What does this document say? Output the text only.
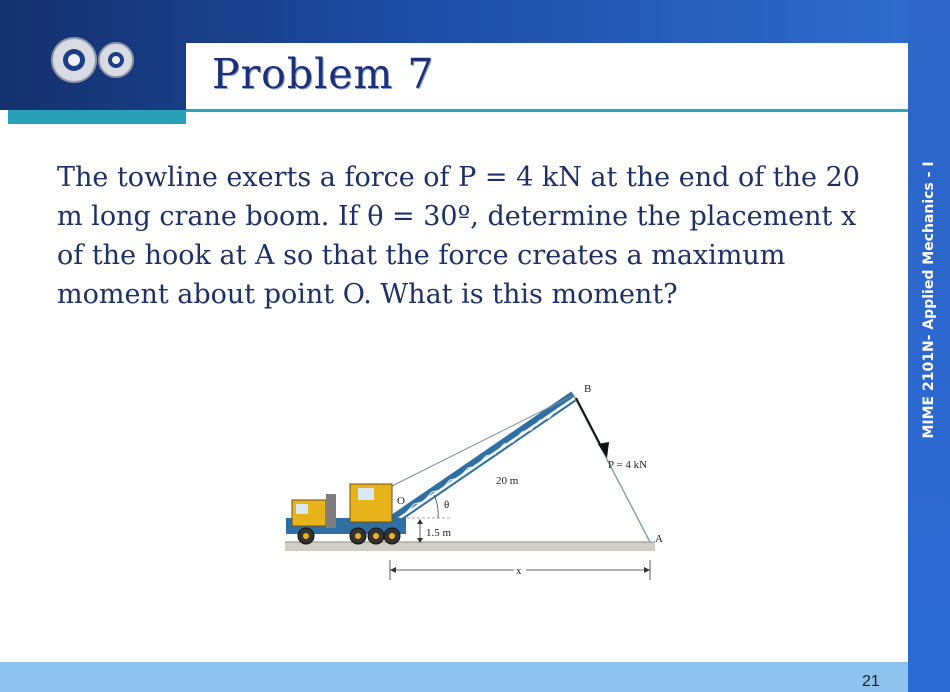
Problem 7
MIME 2101N- Applied Mechanics - I

The towline exerts a force of P = 4 kN at the end of the 20
m long crane boom. If θ = 30º, determine the placement x
of the hook at A so that the force creates a maximum
moment about point O. What is this moment?

B
P = 4 kN
20 m
O	θ
1.5 m	A
x
21
